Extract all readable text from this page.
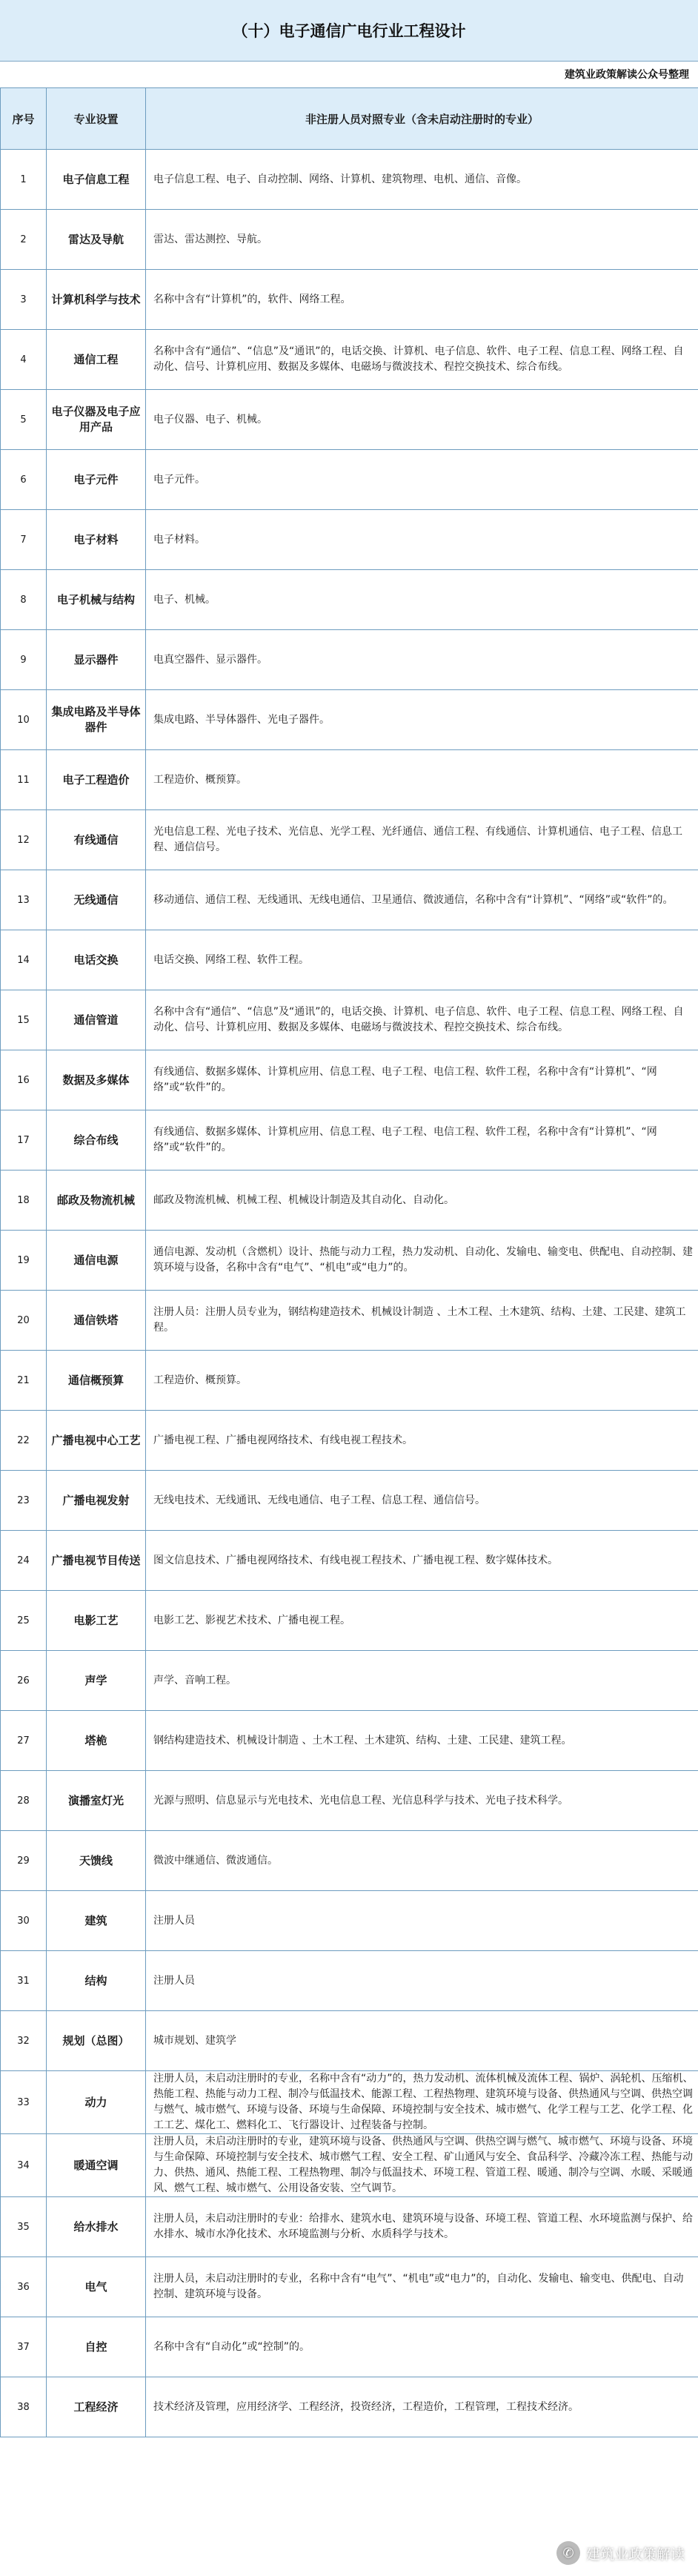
（十）电子通信广电行业工程设计
建筑业政策解读公众号整理
序号	专业设置	非注册人员对照专业（含未启动注册时的专业）
1	电子信息工程	电子信息工程、电子、自动控制、网络、计算机、建筑物理、电机、通信、音像。
2	雷达及导航	雷达、雷达测控、导航。
3	计算机科学与技术	名称中含有“计算机”的，软件、网络工程。
4	通信工程	名称中含有“通信”、“信息”及“通讯”的，电话交换、计算机、电子信息、软件、电子工程、信息工程、网络工程、自动化、信号、计算机应用、数据及多媒体、电磁场与微波技术、程控交换技术、综合布线。
5	电子仪器及电子应用产品	电子仪器、电子、机械。
6	电子元件	电子元件。
7	电子材料	电子材料。
8	电子机械与结构	电子、机械。
9	显示器件	电真空器件、显示器件。
10	集成电路及半导体器件	集成电路、半导体器件、光电子器件。
11	电子工程造价	工程造价、概预算。
12	有线通信	光电信息工程、光电子技术、光信息、光学工程、光纤通信、通信工程、有线通信、计算机通信、电子工程、信息工程、通信信号。
13	无线通信	移动通信、通信工程、无线通讯、无线电通信、卫星通信、微波通信，名称中含有“计算机”、“网络”或“软件”的。
14	电话交换	电话交换、网络工程、软件工程。
15	通信管道	名称中含有“通信”、“信息”及“通讯”的，电话交换、计算机、电子信息、软件、电子工程、信息工程、网络工程、自动化、信号、计算机应用、数据及多媒体、电磁场与微波技术、程控交换技术、综合布线。
16	数据及多媒体	有线通信、数据多媒体、计算机应用、信息工程、电子工程、电信工程、软件工程，名称中含有“计算机”、“网络”或“软件”的。
17	综合布线	有线通信、数据多媒体、计算机应用、信息工程、电子工程、电信工程、软件工程，名称中含有“计算机”、“网络”或“软件”的。
18	邮政及物流机械	邮政及物流机械、机械工程、机械设计制造及其自动化、自动化。
19	通信电源	通信电源、发动机（含燃机）设计、热能与动力工程，热力发动机、自动化、发输电、输变电、供配电、自动控制、建筑环境与设备，名称中含有“电气”、“机电”或“电力”的。
20	通信铁塔	注册人员：注册人员专业为，钢结构建造技术、机械设计制造 、土木工程、土木建筑、结构、土建、工民建、建筑工程。
21	通信概预算	工程造价、概预算。
22	广播电视中心工艺	广播电视工程、广播电视网络技术、有线电视工程技术。
23	广播电视发射	无线电技术、无线通讯、无线电通信、电子工程、信息工程、通信信号。
24	广播电视节目传送	图文信息技术、广播电视网络技术、有线电视工程技术、广播电视工程、数字媒体技术。
25	电影工艺	电影工艺、影视艺术技术、广播电视工程。
26	声学	声学、音响工程。
27	塔桅	钢结构建造技术、机械设计制造 、土木工程、土木建筑、结构、土建、工民建、建筑工程。
28	演播室灯光	光源与照明、信息显示与光电技术、光电信息工程、光信息科学与技术、光电子技术科学。
29	天馈线	微波中继通信、微波通信。
30	建筑	注册人员
31	结构	注册人员
32	规划（总图）	城市规划、建筑学
33	动力	注册人员，未启动注册时的专业，名称中含有“动力”的，热力发动机、流体机械及流体工程、锅炉、涡轮机、压缩机、热能工程、热能与动力工程、制冷与低温技术、能源工程、工程热物理、建筑环境与设备、供热通风与空调、供热空调与燃气、城市燃气、环境与设备、环境与生命保障、环境控制与安全技术、城市燃气、化学工程与工艺、化学工程、化工工艺、煤化工、燃料化工、飞行器设计、过程装备与控制。
34	暖通空调	注册人员，未启动注册时的专业，建筑环境与设备、供热通风与空调、供热空调与燃气、城市燃气、环境与设备、环境与生命保障、环境控制与安全技术、城市燃气工程、安全工程、矿山通风与安全、食品科学、冷藏冷冻工程、热能与动力、供热、通风、热能工程、工程热物理、制冷与低温技术、环境工程、管道工程、暖通、制冷与空调、水暖、采暖通风、燃气工程、城市燃气、公用设备安装、空气调节。
35	给水排水	注册人员，未启动注册时的专业：给排水、建筑水电、建筑环境与设备、环境工程、管道工程、水环境监测与保护、给水排水、城市水净化技术、水环境监测与分析、水质科学与技术。
36	电气	注册人员，未启动注册时的专业，名称中含有“电气”、“机电”或“电力”的，自动化、发输电、输变电、供配电、自动控制、建筑环境与设备。
37	自控	名称中含有“自动化”或“控制”的。
38	工程经济	技术经济及管理，应用经济学、工程经济，投资经济，工程造价，工程管理，工程技术经济。
✆ 建筑业政策解读
